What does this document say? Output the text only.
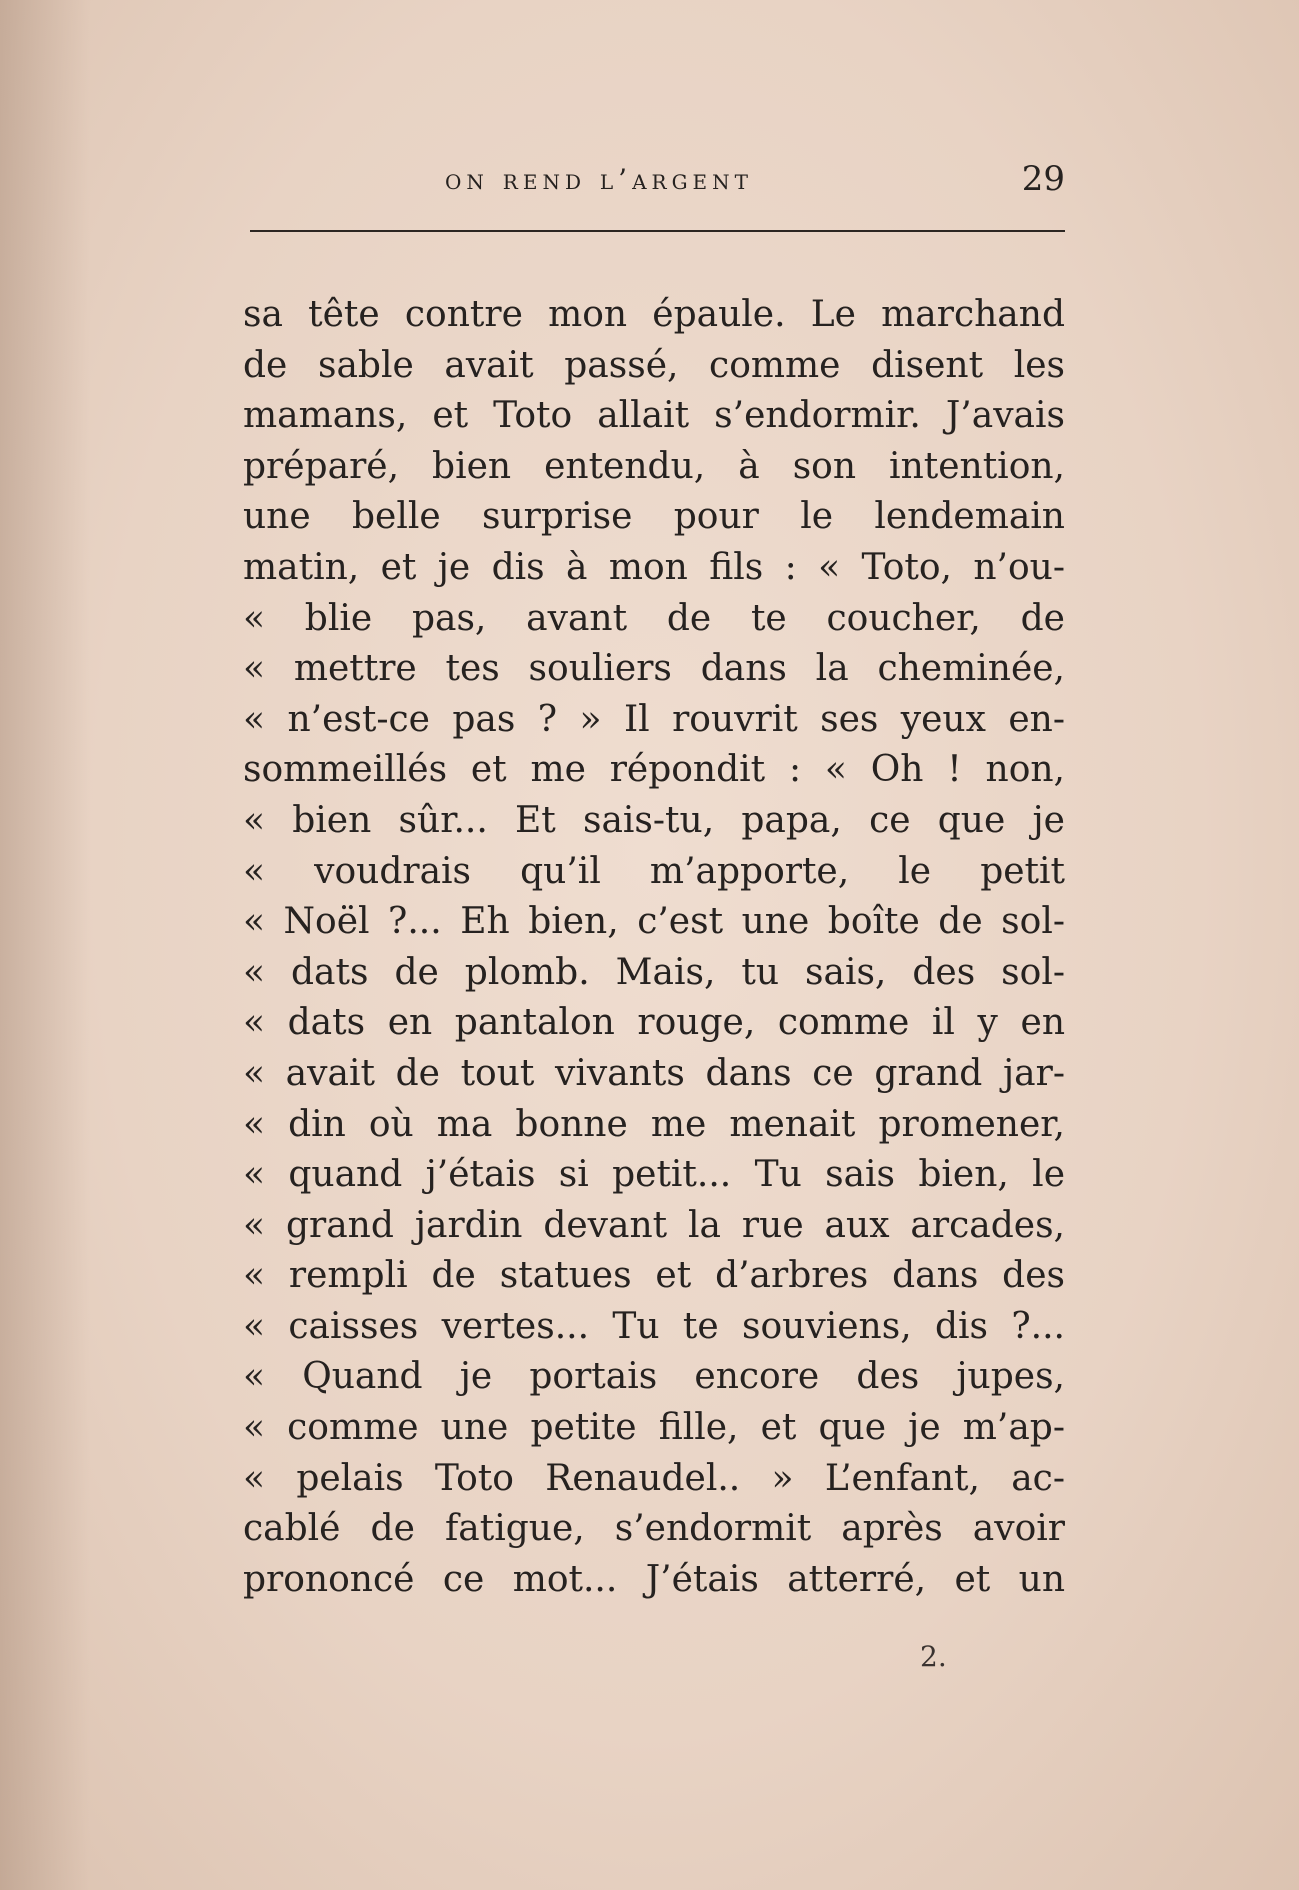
on rend l’argent	29
sa tête contre mon épaule. Le marchand
de sable avait passé, comme disent les
mamans, et Toto allait s’endormir. J’avais
préparé, bien entendu, à son intention,
une belle surprise pour le lendemain
matin, et je dis à mon fils : « Toto, n’ou-
« blie pas, avant de te coucher, de
« mettre tes souliers dans la cheminée,
« n’est-ce pas ? » Il rouvrit ses yeux en-
sommeillés et me répondit : « Oh ! non,
« bien sûr... Et sais-tu, papa, ce que je
« voudrais qu’il m’apporte, le petit
« Noël ?... Eh bien, c’est une boîte de sol-
« dats de plomb. Mais, tu sais, des sol-
« dats en pantalon rouge, comme il y en
« avait de tout vivants dans ce grand jar-
« din où ma bonne me menait promener,
« quand j’étais si petit... Tu sais bien, le
« grand jardin devant la rue aux arcades,
« rempli de statues et d’arbres dans des
« caisses vertes... Tu te souviens, dis ?...
« Quand je portais encore des jupes,
« comme une petite fille, et que je m’ap-
« pelais Toto Renaudel.. » L’enfant, ac-
cablé de fatigue, s’endormit après avoir
prononcé ce mot... J’étais atterré, et un
2.
